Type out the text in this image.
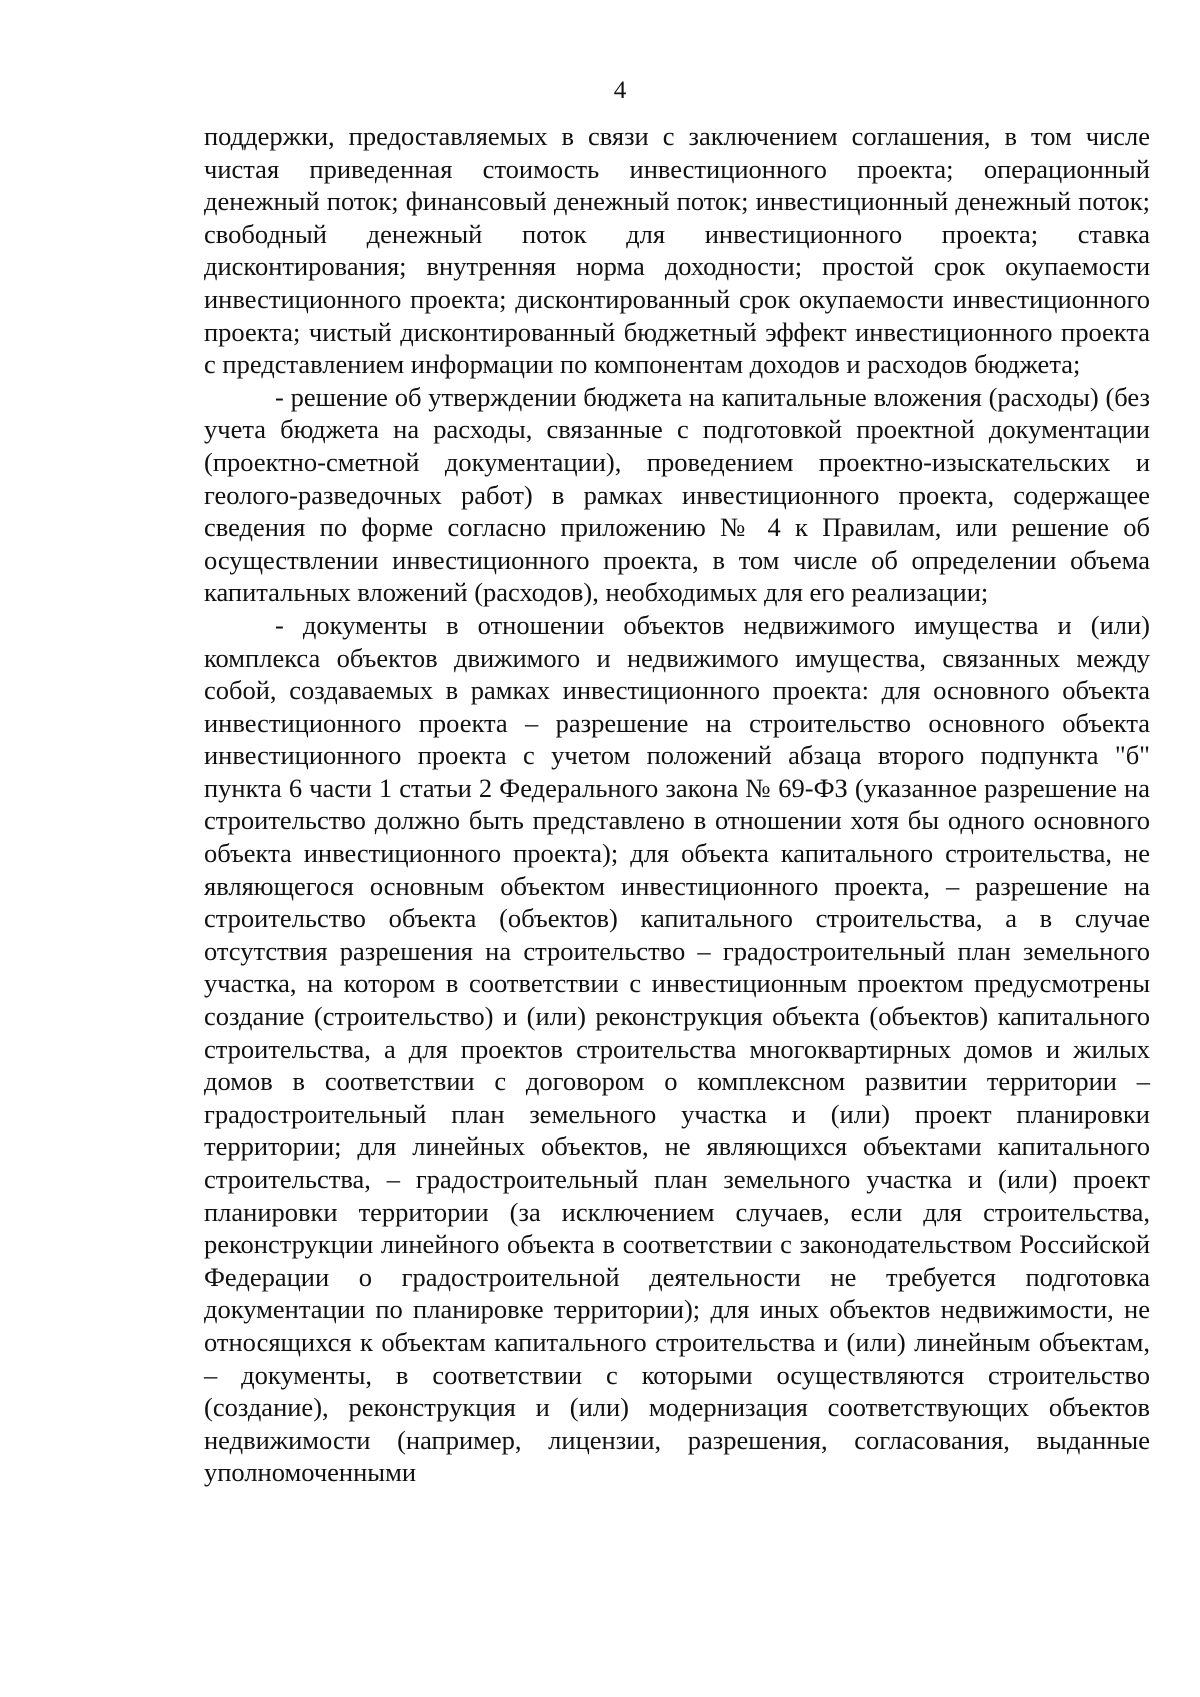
4

поддержки, предоставляемых в связи с заключением соглашения, в том числе чистая приведенная стоимость инвестиционного проекта; операционный денежный поток; финансовый денежный поток; инвестиционный денежный поток; свободный денежный поток для инвестиционного проекта; ставка дисконтирования; внутренняя норма доходности; простой срок окупаемости инвестиционного проекта; дисконтированный срок окупаемости инвестиционного проекта; чистый дисконтированный бюджетный эффект инвестиционного проекта с представлением информации по компонентам доходов и расходов бюджета;

- решение об утверждении бюджета на капитальные вложения (расходы) (без учета бюджета на расходы, связанные с подготовкой проектной документации (проектно-сметной документации), проведением проектно-изыскательских и геолого-разведочных работ) в рамках инвестиционного проекта, содержащее сведения по форме согласно приложению № 4 к Правилам, или решение об осуществлении инвестиционного проекта, в том числе об определении объема капитальных вложений (расходов), необходимых для его реализации;

- документы в отношении объектов недвижимого имущества и (или) комплекса объектов движимого и недвижимого имущества, связанных между собой, создаваемых в рамках инвестиционного проекта: для основного объекта инвестиционного проекта – разрешение на строительство основного объекта инвестиционного проекта с учетом положений абзаца второго подпункта "б" пункта 6 части 1 статьи 2 Федерального закона № 69-ФЗ (указанное разрешение на строительство должно быть представлено в отношении хотя бы одного основного объекта инвестиционного проекта); для объекта капитального строительства, не являющегося основным объектом инвестиционного проекта, – разрешение на строительство объекта (объектов) капитального строительства, а в случае отсутствия разрешения на строительство – градостроительный план земельного участка, на котором в соответствии с инвестиционным проектом предусмотрены создание (строительство) и (или) реконструкция объекта (объектов) капитального строительства, а для проектов строительства многоквартирных домов и жилых домов в соответствии с договором о комплексном развитии территории – градостроительный план земельного участка и (или) проект планировки территории; для линейных объектов, не являющихся объектами капитального строительства, – градостроительный план земельного участка и (или) проект планировки территории (за исключением случаев, если для строительства, реконструкции линейного объекта в соответствии с законодательством Российской Федерации о градостроительной деятельности не требуется подготовка документации по планировке территории); для иных объектов недвижимости, не относящихся к объектам капитального строительства и (или) линейным объектам, – документы, в соответствии с которыми осуществляются строительство (создание), реконструкция и (или) модернизация соответствующих объектов недвижимости (например, лицензии, разрешения, согласования, выданные уполномоченными
